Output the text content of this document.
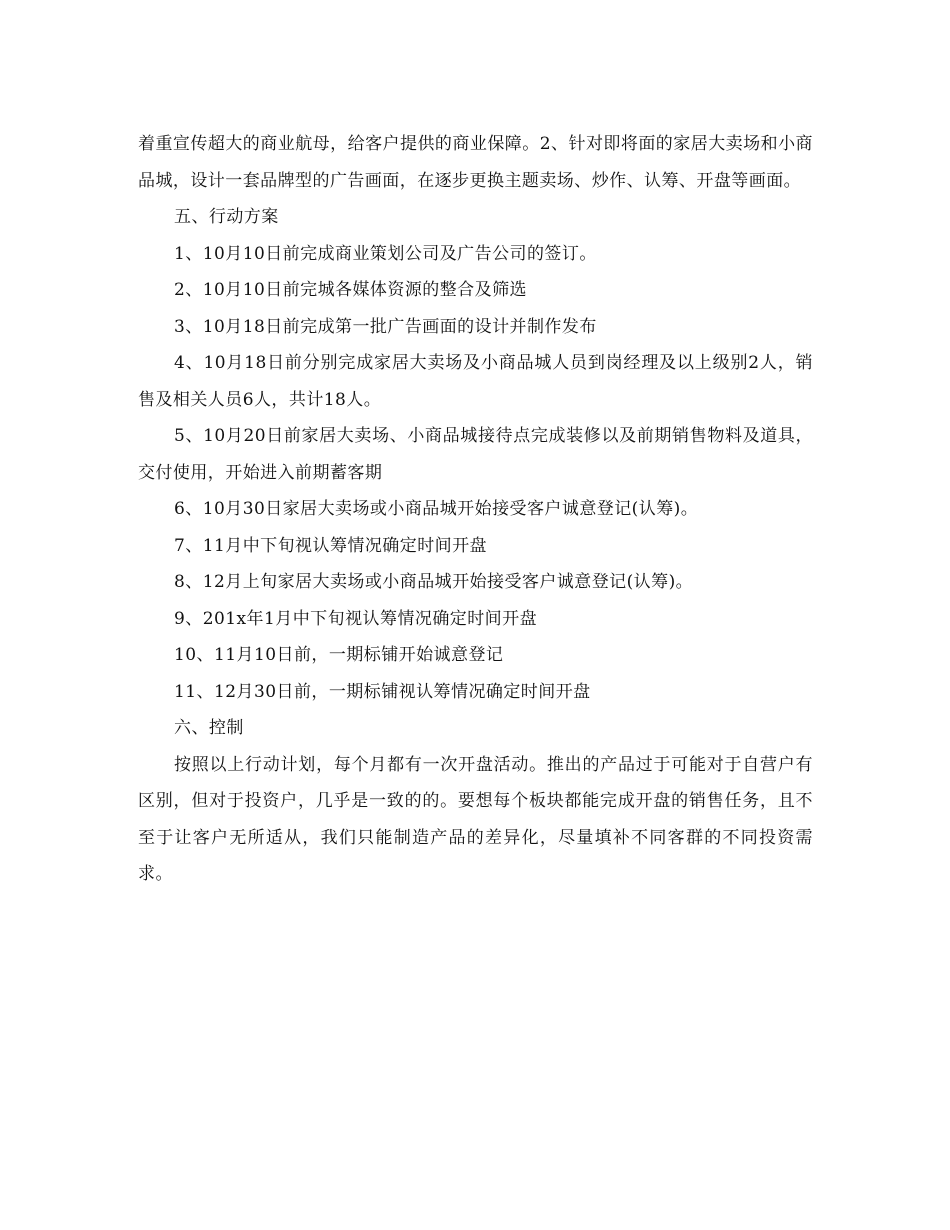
着重宣传超大的商业航母，给客户提供的商业保障。2、针对即将面的家居大卖场和小商品城，设计一套品牌型的广告画面，在逐步更换主题卖场、炒作、认筹、开盘等画面。

五、行动方案

1、10月10日前完成商业策划公司及广告公司的签订。

2、10月10日前完城各媒体资源的整合及筛选

3、10月18日前完成第一批广告画面的设计并制作发布

4、10月18日前分别完成家居大卖场及小商品城人员到岗经理及以上级别2人，销售及相关人员6人，共计18人。

5、10月20日前家居大卖场、小商品城接待点完成装修以及前期销售物料及道具，交付使用，开始进入前期蓄客期

6、10月30日家居大卖场或小商品城开始接受客户诚意登记(认筹)。

7、11月中下旬视认筹情况确定时间开盘

8、12月上旬家居大卖场或小商品城开始接受客户诚意登记(认筹)。

9、201x年1月中下旬视认筹情况确定时间开盘

10、11月10日前，一期标铺开始诚意登记

11、12月30日前，一期标铺视认筹情况确定时间开盘

六、控制

按照以上行动计划，每个月都有一次开盘活动。推出的产品过于可能对于自营户有区别，但对于投资户，几乎是一致的的。要想每个板块都能完成开盘的销售任务，且不至于让客户无所适从，我们只能制造产品的差异化，尽量填补不同客群的不同投资需求。
